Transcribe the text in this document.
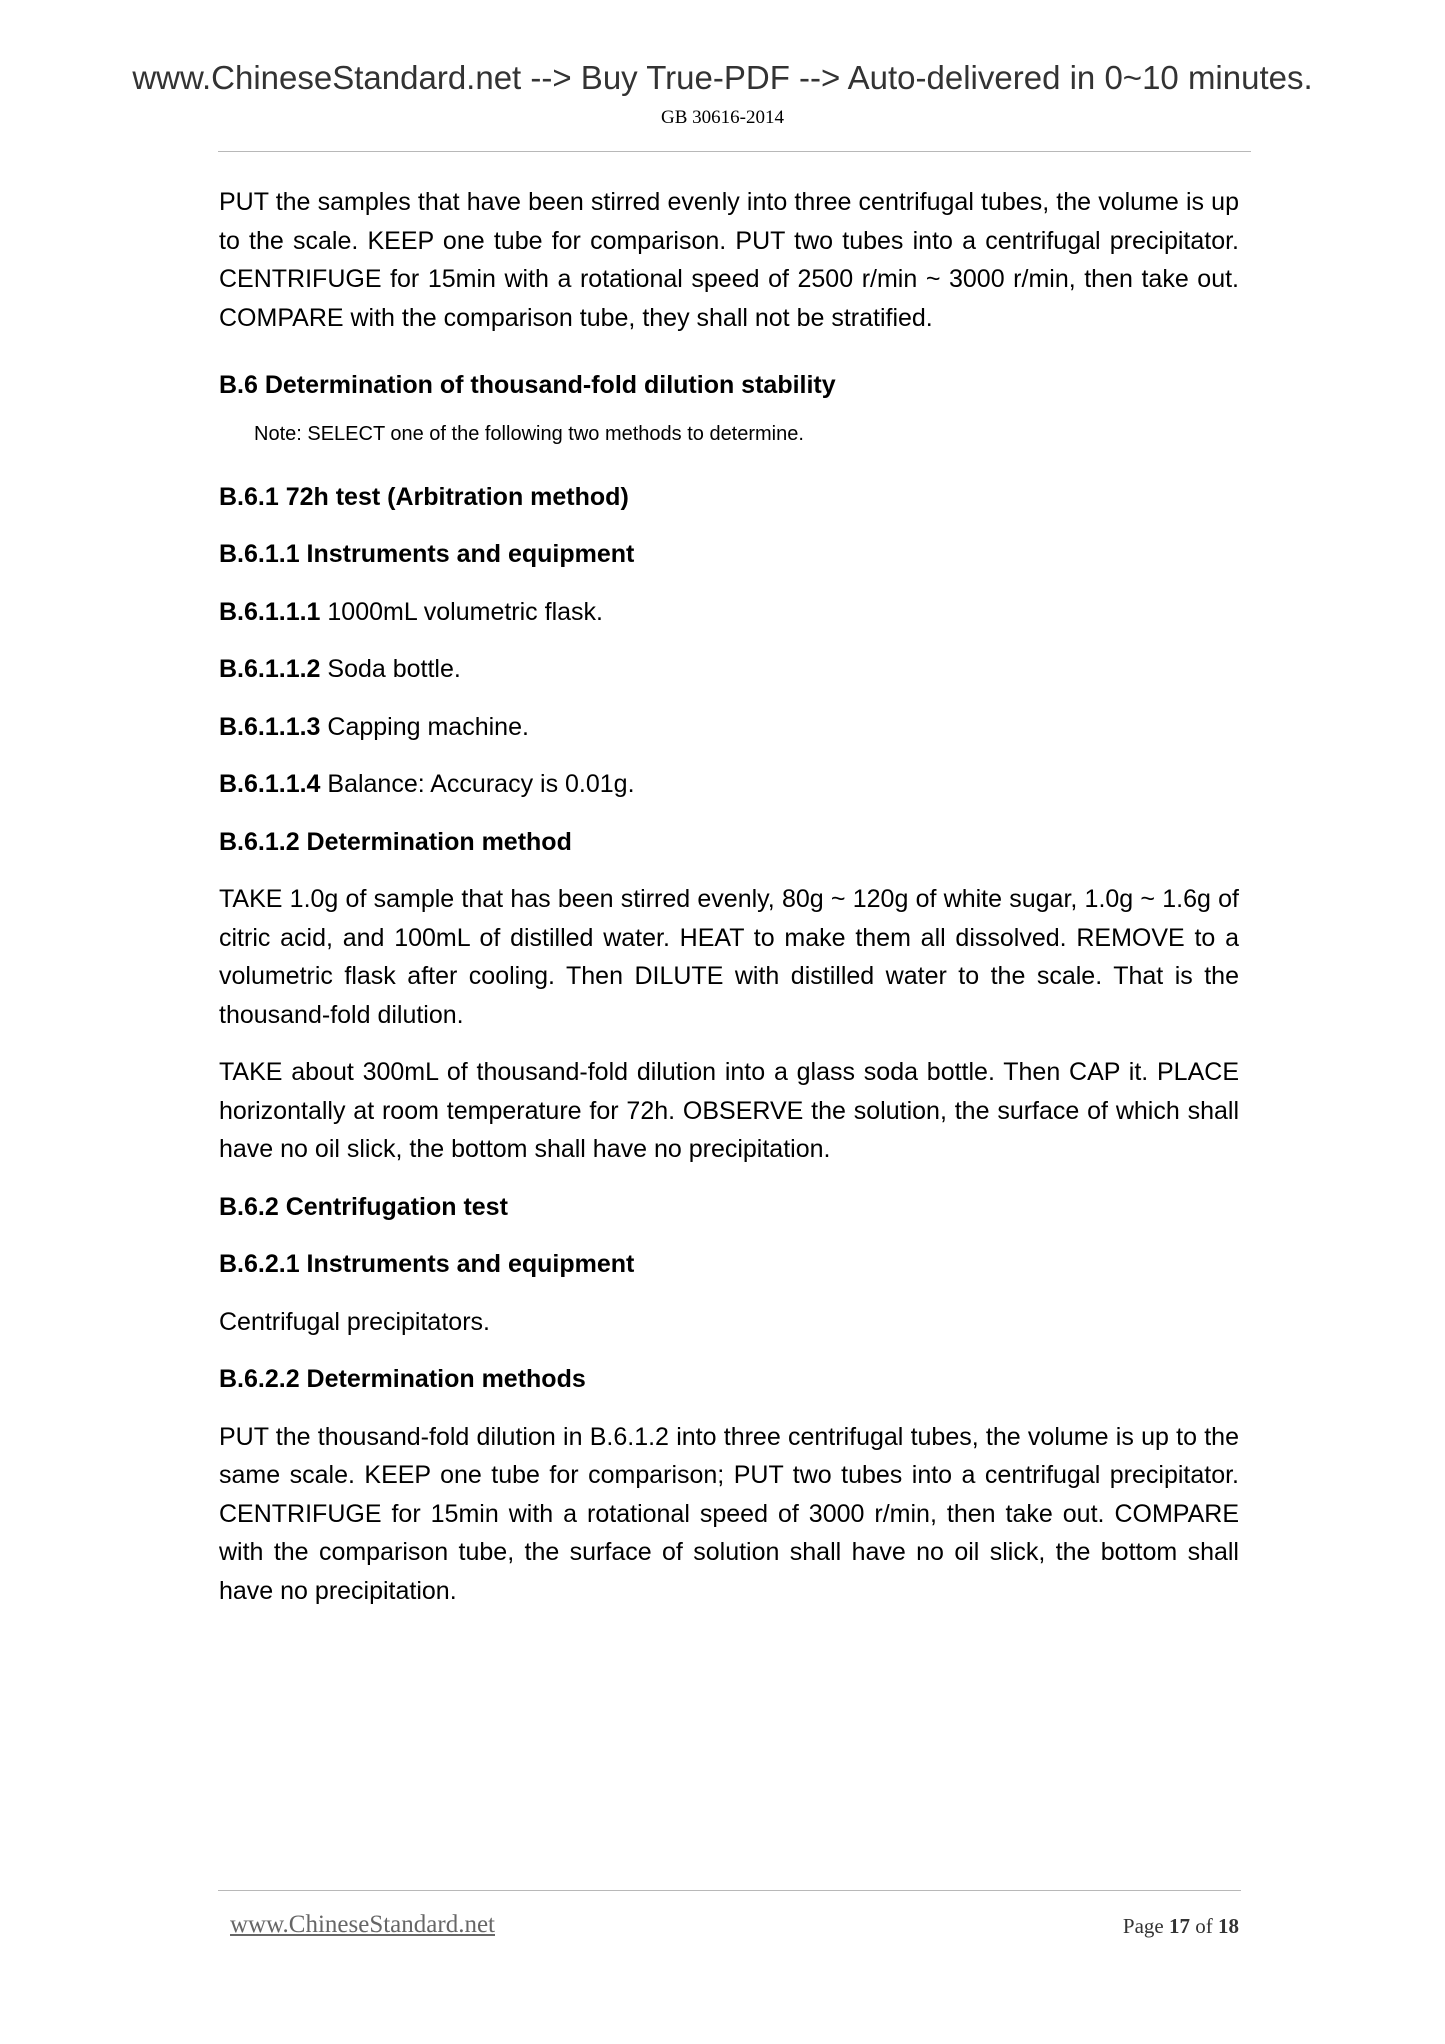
www.ChineseStandard.net --> Buy True-PDF --> Auto-delivered in 0~10 minutes.
GB 30616-2014

PUT the samples that have been stirred evenly into three centrifugal tubes, the volume is up to the scale. KEEP one tube for comparison. PUT two tubes into a centrifugal precipitator. CENTRIFUGE for 15min with a rotational speed of 2500 r/min ~ 3000 r/min, then take out. COMPARE with the comparison tube, they shall not be stratified.

B.6 Determination of thousand-fold dilution stability

Note: SELECT one of the following two methods to determine.

B.6.1 72h test (Arbitration method)

B.6.1.1 Instruments and equipment

B.6.1.1.1 1000mL volumetric flask.

B.6.1.1.2 Soda bottle.

B.6.1.1.3 Capping machine.

B.6.1.1.4 Balance: Accuracy is 0.01g.

B.6.1.2 Determination method

TAKE 1.0g of sample that has been stirred evenly, 80g ~ 120g of white sugar, 1.0g ~ 1.6g of citric acid, and 100mL of distilled water. HEAT to make them all dissolved. REMOVE to a volumetric flask after cooling. Then DILUTE with distilled water to the scale. That is the thousand-fold dilution.

TAKE about 300mL of thousand-fold dilution into a glass soda bottle. Then CAP it. PLACE horizontally at room temperature for 72h. OBSERVE the solution, the surface of which shall have no oil slick, the bottom shall have no precipitation.

B.6.2 Centrifugation test

B.6.2.1 Instruments and equipment

Centrifugal precipitators.

B.6.2.2 Determination methods

PUT the thousand-fold dilution in B.6.1.2 into three centrifugal tubes, the volume is up to the same scale. KEEP one tube for comparison; PUT two tubes into a centrifugal precipitator. CENTRIFUGE for 15min with a rotational speed of 3000 r/min, then take out. COMPARE with the comparison tube, the surface of solution shall have no oil slick, the bottom shall have no precipitation.

www.ChineseStandard.net	Page 17 of 18
